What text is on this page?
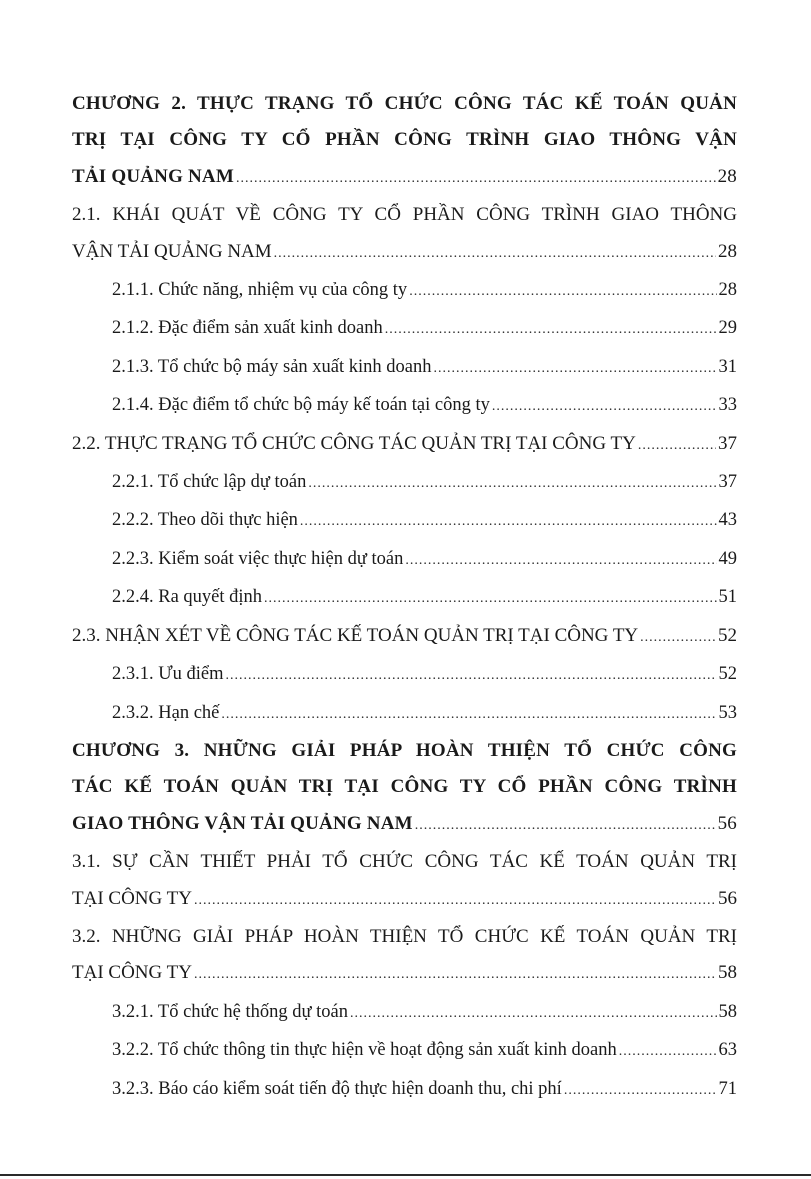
CHƯƠNG 2. THỰC TRẠNG TỔ CHỨC CÔNG TÁC KẾ TOÁN QUẢN
TRỊ TẠI CÔNG TY CỔ PHẦN CÔNG TRÌNH GIAO THÔNG VẬN
TẢI QUẢNG NAM .....	28
2.1. KHÁI QUÁT VỀ CÔNG TY CỔ PHẦN CÔNG TRÌNH GIAO THÔNG
VẬN TẢI QUẢNG NAM .....	28
2.1.1. Chức năng, nhiệm vụ của công ty .....	28
2.1.2. Đặc điểm sản xuất kinh doanh .....	29
2.1.3. Tổ chức bộ máy sản xuất kinh doanh .....	31
2.1.4. Đặc điểm tổ chức bộ máy kế toán tại công ty .....	33
2.2. THỰC TRẠNG TỔ CHỨC CÔNG TÁC QUẢN TRỊ TẠI CÔNG TY .....	37
2.2.1. Tổ chức lập dự toán .....	37
2.2.2. Theo dõi thực hiện .....	43
2.2.3. Kiểm soát việc thực hiện dự toán .....	49
2.2.4. Ra quyết định .....	51
2.3. NHẬN XÉT VỀ CÔNG TÁC KẾ TOÁN QUẢN TRỊ TẠI CÔNG TY .....	52
2.3.1. Ưu điểm .....	52
2.3.2. Hạn chế .....	53
CHƯƠNG 3. NHỮNG GIẢI PHÁP HOÀN THIỆN TỔ CHỨC CÔNG
TÁC KẾ TOÁN QUẢN TRỊ TẠI CÔNG TY CỔ PHẦN CÔNG TRÌNH
GIAO THÔNG VẬN TẢI QUẢNG NAM .....	56
3.1. SỰ CẦN THIẾT PHẢI TỔ CHỨC CÔNG TÁC KẾ TOÁN QUẢN TRỊ
TẠI CÔNG TY .....	56
3.2. NHỮNG GIẢI PHÁP HOÀN THIỆN TỔ CHỨC KẾ TOÁN QUẢN TRỊ
TẠI CÔNG TY .....	58
3.2.1. Tổ chức hệ thống dự toán .....	58
3.2.2. Tổ chức thông tin thực hiện về hoạt động sản xuất kinh doanh .....	63
3.2.3. Báo cáo kiểm soát tiến độ thực hiện doanh thu, chi phí .....	71
